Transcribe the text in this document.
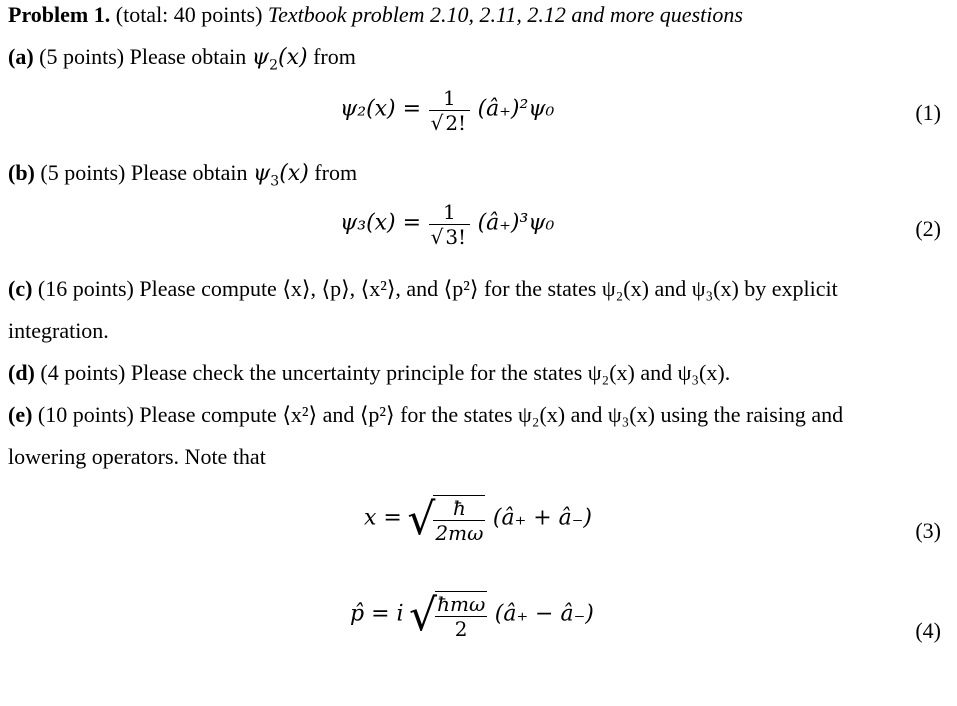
Problem 1. (total: 40 points) Textbook problem 2.10, 2.11, 2.12 and more questions
(a) (5 points) Please obtain $\psi_2(x)$ from
$\psi_2(x) = \frac{1}{√ 2!}$ (â₊)²ψ₀	(1)
(b) (5 points) Please obtain $\psi_3(x)$ from
$\psi_3(x) = \frac{1}{√ 3!}$ (â₊)³ψ₀	(2)
(c) (16 points) Please compute ⟨x⟩, ⟨p⟩, ⟨x²⟩, and ⟨p²⟩ for the states ψ₂(x) and ψ₃(x) by explicit
integration.
(d) (4 points) Please check the uncertainty principle for the states ψ₂(x) and ψ₃(x).
(e) (10 points) Please compute ⟨x²⟩ and ⟨p²⟩ for the states ψ₂(x) and ψ₃(x) using the raising and
lowering operators. Note that
x = √
$\frac{ħ}{2m\omega}$ (â₊ + â₋)	(3)
p̂ = i √
$\frac{\text{ħmω}}{2}$ (â₊ − â₋)
(4)
